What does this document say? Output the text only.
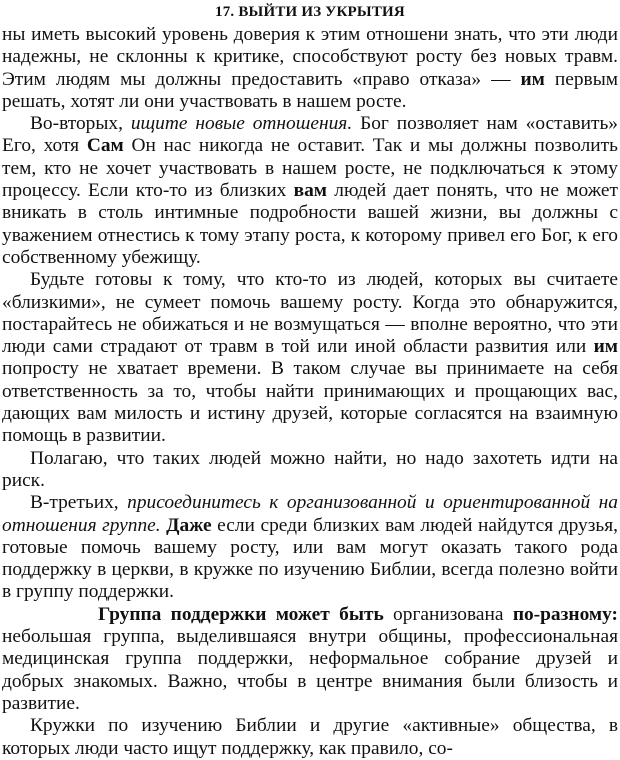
17. ВЫЙТИ ИЗ УКРЫТИЯ

ны иметь высокий уровень доверия к этим отношени знать, что эти люди надежны, не склонны к критике, способствуют росту без новых травм. Этим людям мы должны предоставить «право отказа» — им первым решать, хотят ли они участвовать в нашем росте.

Во-вторых, ищите новые отношения. Бог позволяет нам «оставить» Его, хотя Сам Он нас никогда не оставит. Так и мы должны позволить тем, кто не хочет участвовать в нашем росте, не подключаться к этому процессу. Если кто-то из близких вам людей дает понять, что не может вникать в столь интимные подробности вашей жизни, вы должны с уважением отнестись к тому этапу роста, к которому привел его Бог, к его собственному убежищу.

Будьте готовы к тому, что кто-то из людей, которых вы считаете «близкими», не сумеет помочь вашему росту. Когда это обнаружится, постарайтесь не обижаться и не возмущаться — вполне вероятно, что эти люди сами страдают от травм в той или иной области развития или им попросту не хватает времени. В таком случае вы принимаете на себя ответственность за то, чтобы найти принимающих и прощающих вас, дающих вам милость и истину друзей, которые согласятся на взаимную помощь в развитии.

Полагаю, что таких людей можно найти, но надо захотеть идти на риск.

В-третьих, присоединитесь к организованной и ориентированной на отношения группе. Даже если среди близких вам людей найдутся друзья, готовые помочь вашему росту, или вам могут оказать такого рода поддержку в церкви, в кружке по изучению Библии, всегда полезно войти в группу поддержки.

Группа поддержки может быть организована по-разному: небольшая группа, выделившаяся внутри общины, профессиональная медицинская группа поддержки, неформальное собрание друзей и добрых знакомых. Важно, чтобы в центре внимания были близость и развитие.

Кружки по изучению Библии и другие «активные» общества, в которых люди часто ищут поддержку, как правило, со-
